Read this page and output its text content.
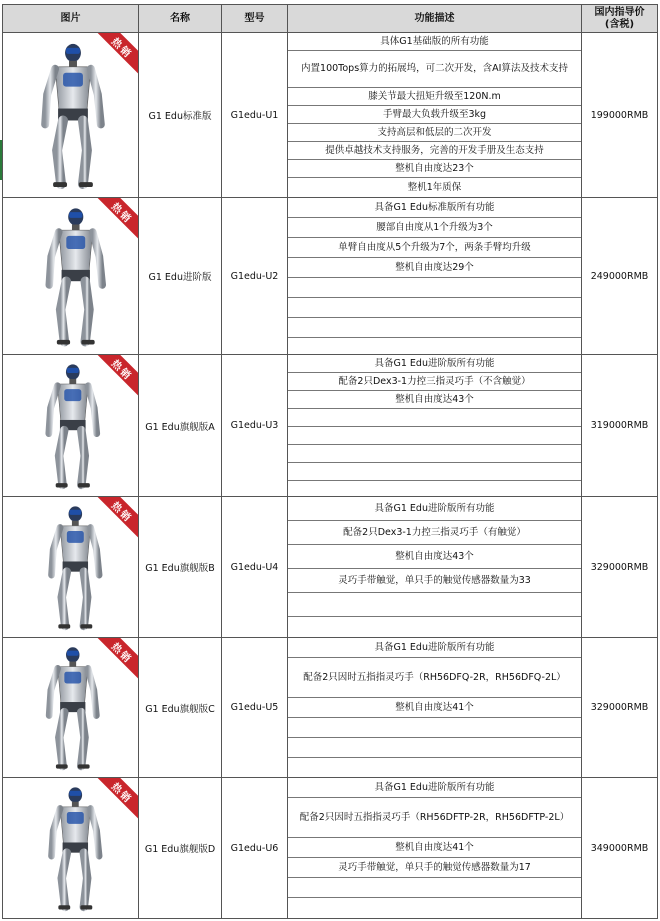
图片	名称	型号	功能描述
国内指导价
(含税)
热销
G1 Edu标准版	G1edu-U1
具体G1基础版的所有功能
内置100Tops算力的拓展坞，可二次开发，含AI算法及技术支持
膝关节最大扭矩升级至120N.m
手臂最大负载升级至3kg
支持高层和低层的二次开发
提供卓越技术支持服务，完善的开发手册及生态支持
整机自由度达23个
整机1年质保
199000RMB
热销
G1 Edu进阶版	G1edu-U2
具备G1 Edu标准版所有功能
腰部自由度从1个升级为3个
单臂自由度从5个升级为7个，两条手臂均升级
整机自由度达29个
249000RMB
热销
G1 Edu旗舰版A	G1edu-U3
具备G1 Edu进阶版所有功能
配备2只Dex3-1力控三指灵巧手（不含触觉）
整机自由度达43个
319000RMB
热销
G1 Edu旗舰版B	G1edu-U4
具备G1 Edu进阶版所有功能
配备2只Dex3-1力控三指灵巧手（有触觉）
整机自由度达43个
灵巧手带触觉，单只手的触觉传感器数量为33
329000RMB
热销
G1 Edu旗舰版C	G1edu-U5
具备G1 Edu进阶版所有功能
配备2只因时五指指灵巧手（RH56DFQ-2R，RH56DFQ-2L）
整机自由度达41个	329000RMB
热销
G1 Edu旗舰版D	G1edu-U6
具备G1 Edu进阶版所有功能
配备2只因时五指指灵巧手（RH56DFTP-2R，RH56DFTP-2L）
整机自由度达41个
灵巧手带触觉，单只手的触觉传感器数量为17
349000RMB
